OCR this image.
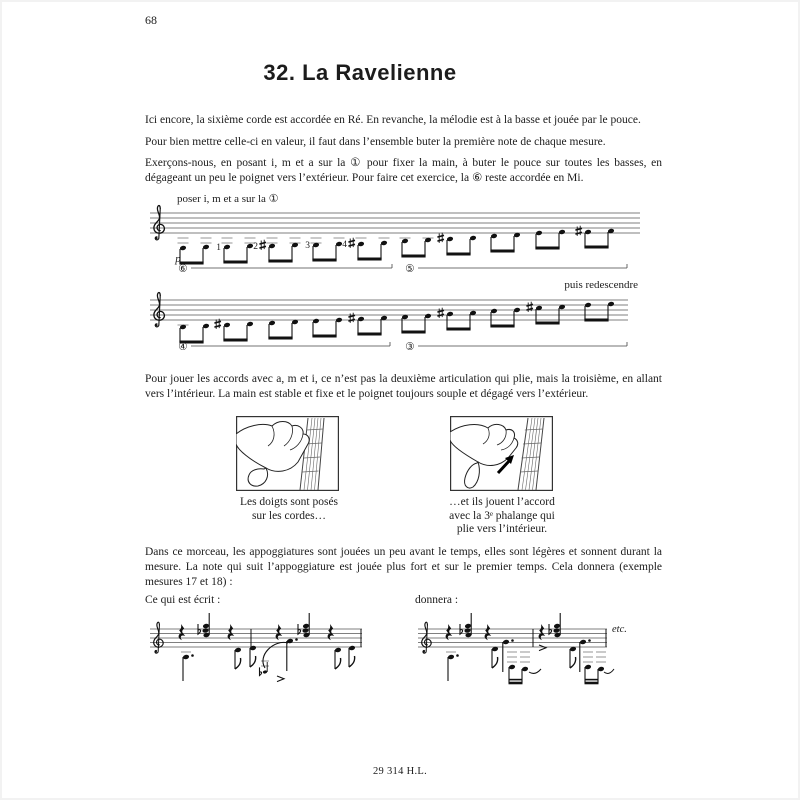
68
32. La Ravelienne
Ici encore, la sixième corde est accordée en Ré. En revanche, la mélodie est à la basse et jouée par le pouce.
Pour bien mettre celle-ci en valeur, il faut dans l’ensemble buter la première note de chaque mesure.
Exerçons-nous, en posant i, m et a sur la ① pour fixer la main, à buter le pouce sur toutes les basses, en dégageant un peu le poignet vers l’extérieur. Pour faire cet exercice, la ⑥ reste accordée en Mi.
poser i, m et a sur la ①
puis redescendre
p
1	2	3	4
⑥	⑤
④	③
Pour jouer les accords avec a, m et i, ce n’est pas la deuxième articulation qui plie, mais la troisième, en allant vers l’intérieur. La main est stable et fixe et le poignet toujours souple et dégagé vers l’extérieur.
Les doigts sont posés
sur les cordes…
…et ils jouent l’accord
avec la 3ᵉ phalange qui
plie vers l’intérieur.
Dans ce morceau, les appoggiatures sont jouées un peu avant le temps, elles sont légères et sonnent durant la mesure. La note qui suit l’appoggiature est jouée plus fort et sur le premier temps. Cela donnera (exemple mesures 17 et 18) :
Ce qui est écrit :	donnera :
etc.
29 314 H.L.
